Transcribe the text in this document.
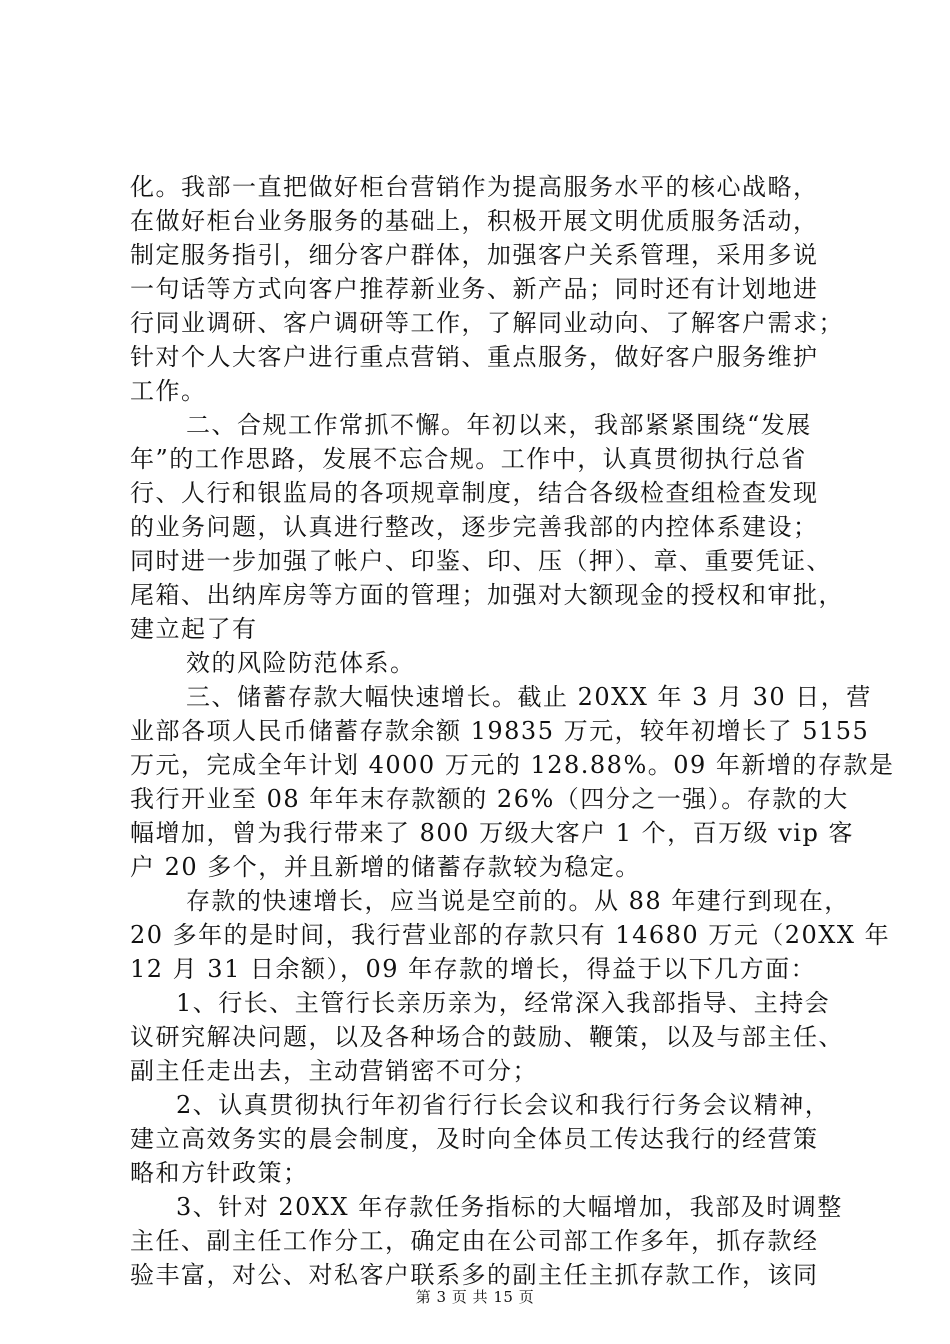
化。我部一直把做好柜台营销作为提高服务水平的核心战略，
在做好柜台业务服务的基础上，积极开展文明优质服务活动，
制定服务指引，细分客户群体，加强客户关系管理，采用多说
一句话等方式向客户推荐新业务、新产品；同时还有计划地进
行同业调研、客户调研等工作，了解同业动向、了解客户需求；
针对个人大客户进行重点营销、重点服务，做好客户服务维护
工作。
二、合规工作常抓不懈。年初以来，我部紧紧围绕“发展
年”的工作思路，发展不忘合规。工作中，认真贯彻执行总省
行、人行和银监局的各项规章制度，结合各级检查组检查发现
的业务问题，认真进行整改，逐步完善我部的内控体系建设；
同时进一步加强了帐户、印鉴、印、压（押）、章、重要凭证、
尾箱、出纳库房等方面的管理；加强对大额现金的授权和审批，
建立起了有
效的风险防范体系。
三、储蓄存款大幅快速增长。截止 20XX 年 3 月 30 日，营
业部各项人民币储蓄存款余额 19835 万元，较年初增长了 5155
万元，完成全年计划 4000 万元的 128.88%。09 年新增的存款是
我行开业至 08 年年末存款额的 26%（四分之一强）。存款的大
幅增加，曾为我行带来了 800 万级大客户 1 个，百万级 vip 客
户 20 多个，并且新增的储蓄存款较为稳定。
存款的快速增长，应当说是空前的。从 88 年建行到现在，
20 多年的是时间，我行营业部的存款只有 14680 万元（20XX 年
12 月 31 日余额），09 年存款的增长，得益于以下几方面：
1、行长、主管行长亲历亲为，经常深入我部指导、主持会
议研究解决问题，以及各种场合的鼓励、鞭策，以及与部主任、
副主任走出去，主动营销密不可分；
2、认真贯彻执行年初省行行长会议和我行行务会议精神，
建立高效务实的晨会制度，及时向全体员工传达我行的经营策
略和方针政策；
3、针对 20XX 年存款任务指标的大幅增加，我部及时调整
主任、副主任工作分工，确定由在公司部工作多年，抓存款经
验丰富，对公、对私客户联系多的副主任主抓存款工作，该同
第 3 页 共 15 页
